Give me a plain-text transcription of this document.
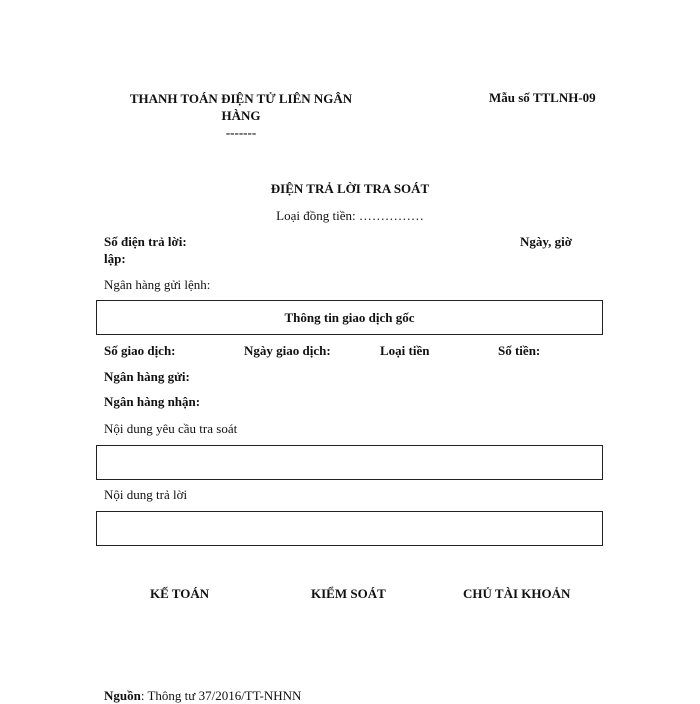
THANH TOÁN ĐIỆN TỬ LIÊN NGÂN HÀNG
-------
Mẫu số TTLNH-09
ĐIỆN TRẢ LỜI TRA SOÁT
Loại đồng tiền: ……………
Số điện trả lời:	Ngày, giờ
lập:
Ngân hàng gửi lệnh:
Thông tin giao dịch gốc
Số giao dịch:	Ngày giao dịch:	Loại tiền	Số tiền:
Ngân hàng gửi:
Ngân hàng nhận:
Nội dung yêu cầu tra soát
Nội dung trả lời
KẾ TOÁN	KIỂM SOÁT	CHỦ TÀI KHOẢN
Nguồn: Thông tư 37/2016/TT-NHNN
